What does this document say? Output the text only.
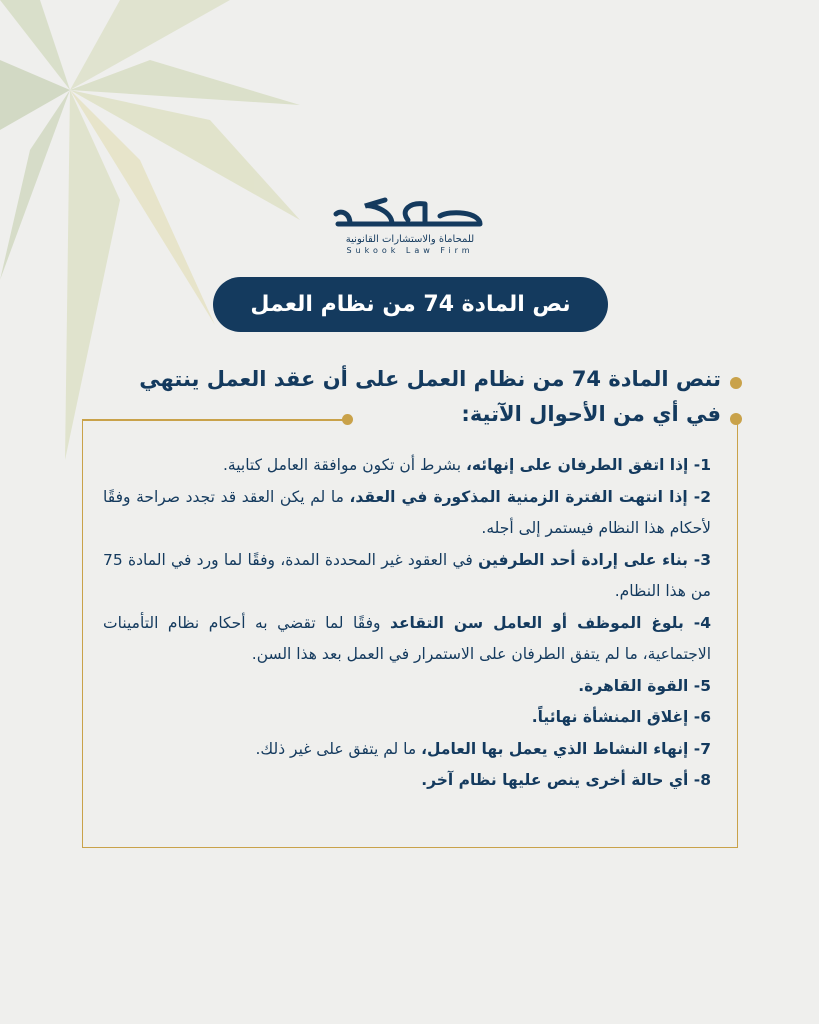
للمحاماة والاستشارات القانونية
Sukook Law Firm
نص المادة 74 من نظام العمل
تنص المادة 74 من نظام العمل على أن عقد العمل ينتهي
في أي من الأحوال الآتية:
1- إذا اتفق الطرفان على إنهائه، بشرط أن تكون موافقة العامل كتابية.
2- إذا انتهت الفترة الزمنية المذكورة في العقد، ما لم يكن العقد قد تجدد صراحة وفقًا لأحكام هذا النظام فيستمر إلى أجله.
3- بناء على إرادة أحد الطرفين في العقود غير المحددة المدة، وفقًا لما ورد في المادة 75 من هذا النظام.
4- بلوغ الموظف أو العامل سن التقاعد وفقًا لما تقضي به أحكام نظام التأمينات الاجتماعية، ما لم يتفق الطرفان على الاستمرار في العمل بعد هذا السن.
5- القوة القاهرة.
6- إغلاق المنشأة نهائياً.
7- إنهاء النشاط الذي يعمل بها العامل، ما لم يتفق على غير ذلك.
8- أي حالة أخرى ينص عليها نظام آخر.
